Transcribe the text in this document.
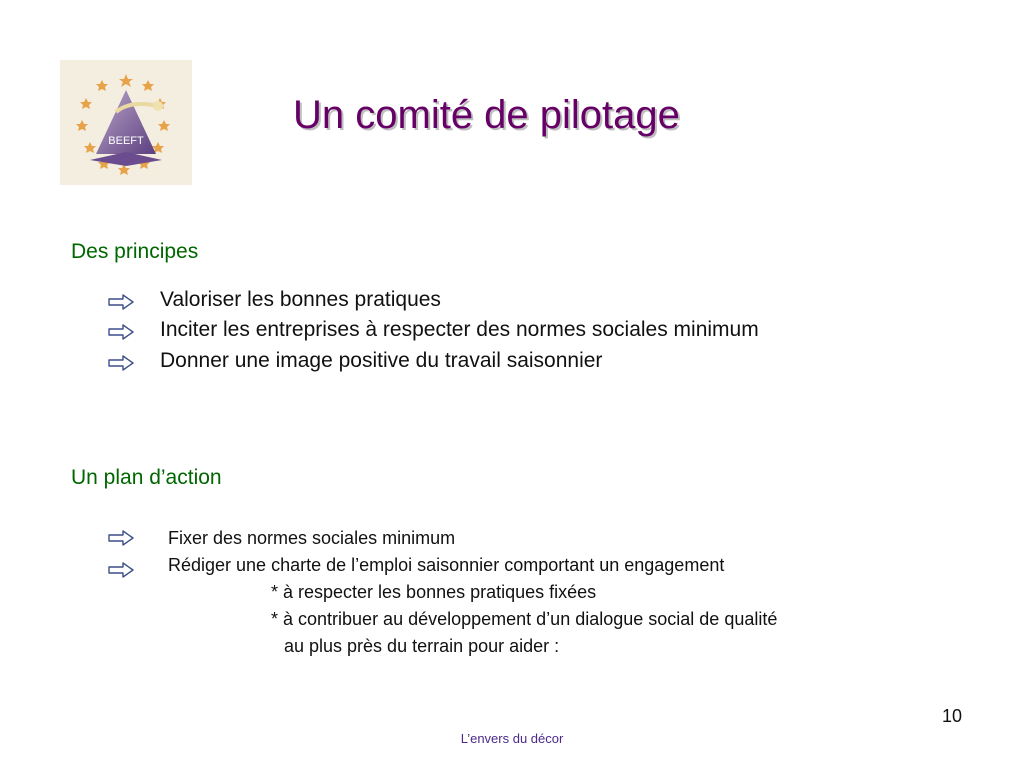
BEEFT
Un comité de pilotage
Des principes
Valoriser les bonnes pratiques
Inciter les entreprises à respecter des normes sociales minimum
Donner une image positive du travail saisonnier
Un plan d’action
Fixer des normes sociales minimum
Rédiger une charte de l’emploi saisonnier comportant un engagement
* à respecter les bonnes pratiques fixées
* à contribuer au développement d’un dialogue social de qualité
au plus près du terrain pour aider :
10
L’envers du décor
